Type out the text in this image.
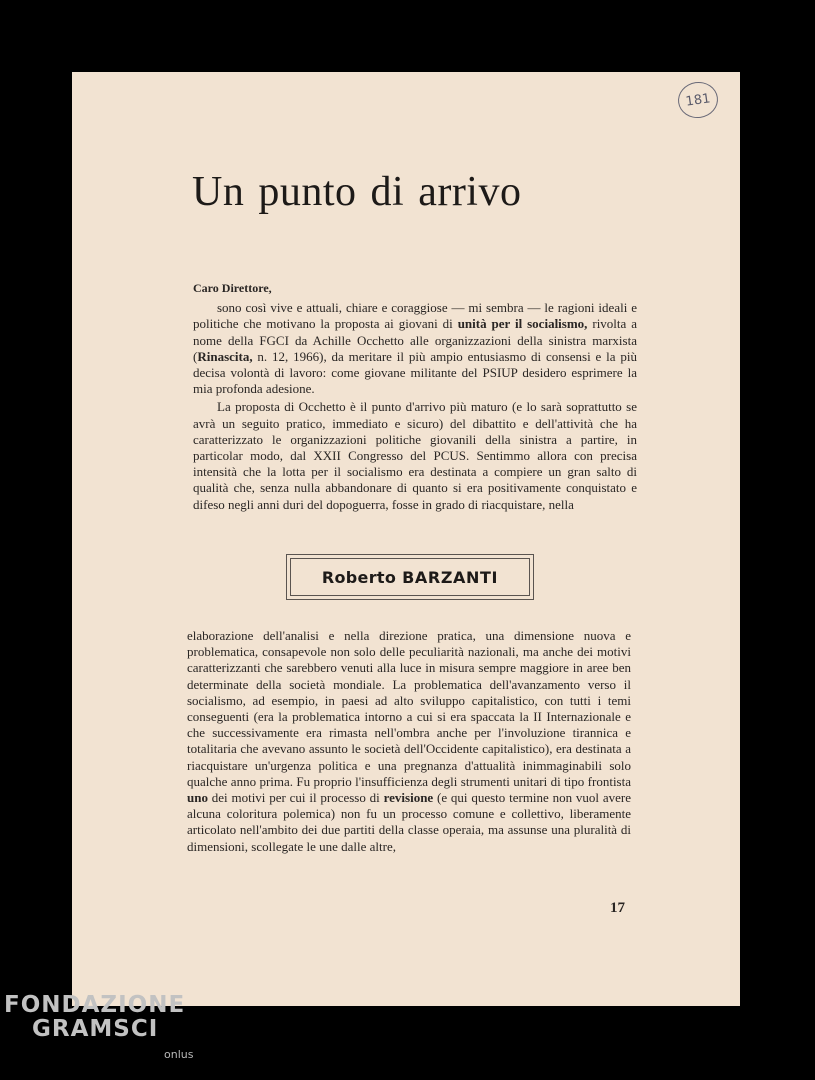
181
Un punto di arrivo
Caro Direttore,

sono così vive e attuali, chiare e coraggiose — mi sembra — le ragioni ideali e politiche che motivano la proposta ai giovani di unità per il socialismo, rivolta a nome della FGCI da Achille Occhetto alle organizzazioni della sinistra marxista (Rinascita, n. 12, 1966), da meritare il più ampio entusiasmo di consensi e la più decisa volontà di lavoro: come giovane militante del PSIUP desidero esprimere la mia profonda adesione.

La proposta di Occhetto è il punto d'arrivo più maturo (e lo sarà soprattutto se avrà un seguito pratico, immediato e sicuro) del dibattito e dell'attività che ha caratterizzato le organizzazioni politiche giovanili della sinistra a partire, in particolar modo, dal XXII Congresso del PCUS. Sentimmo allora con precisa intensità che la lotta per il socialismo era destinata a compiere un gran salto di qualità che, senza nulla abbandonare di quanto si era positivamente conquistato e difeso negli anni duri del dopoguerra, fosse in grado di riacquistare, nella

Roberto BARZANTI

elaborazione dell'analisi e nella direzione pratica, una dimensione nuova e problematica, consapevole non solo delle peculiarità nazionali, ma anche dei motivi caratterizzanti che sarebbero venuti alla luce in misura sempre maggiore in aree ben determinate della società mondiale. La problematica dell'avanzamento verso il socialismo, ad esempio, in paesi ad alto sviluppo capitalistico, con tutti i temi conseguenti (era la problematica intorno a cui si era spaccata la II Internazionale e che successivamente era rimasta nell'ombra anche per l'involuzione tirannica e totalitaria che avevano assunto le società dell'Occidente capitalistico), era destinata a riacquistare un'urgenza politica e una pregnanza d'attualità inimmaginabili solo qualche anno prima. Fu proprio l'insufficienza degli strumenti unitari di tipo frontista uno dei motivi per cui il processo di revisione (e qui questo termine non vuol avere alcuna coloritura polemica) non fu un processo comune e collettivo, liberamente articolato nell'ambito dei due partiti della classe operaia, ma assunse una pluralità di dimensioni, scollegate le une dalle altre,

17
FONDAZIONE
GRAMSCI
onlus
